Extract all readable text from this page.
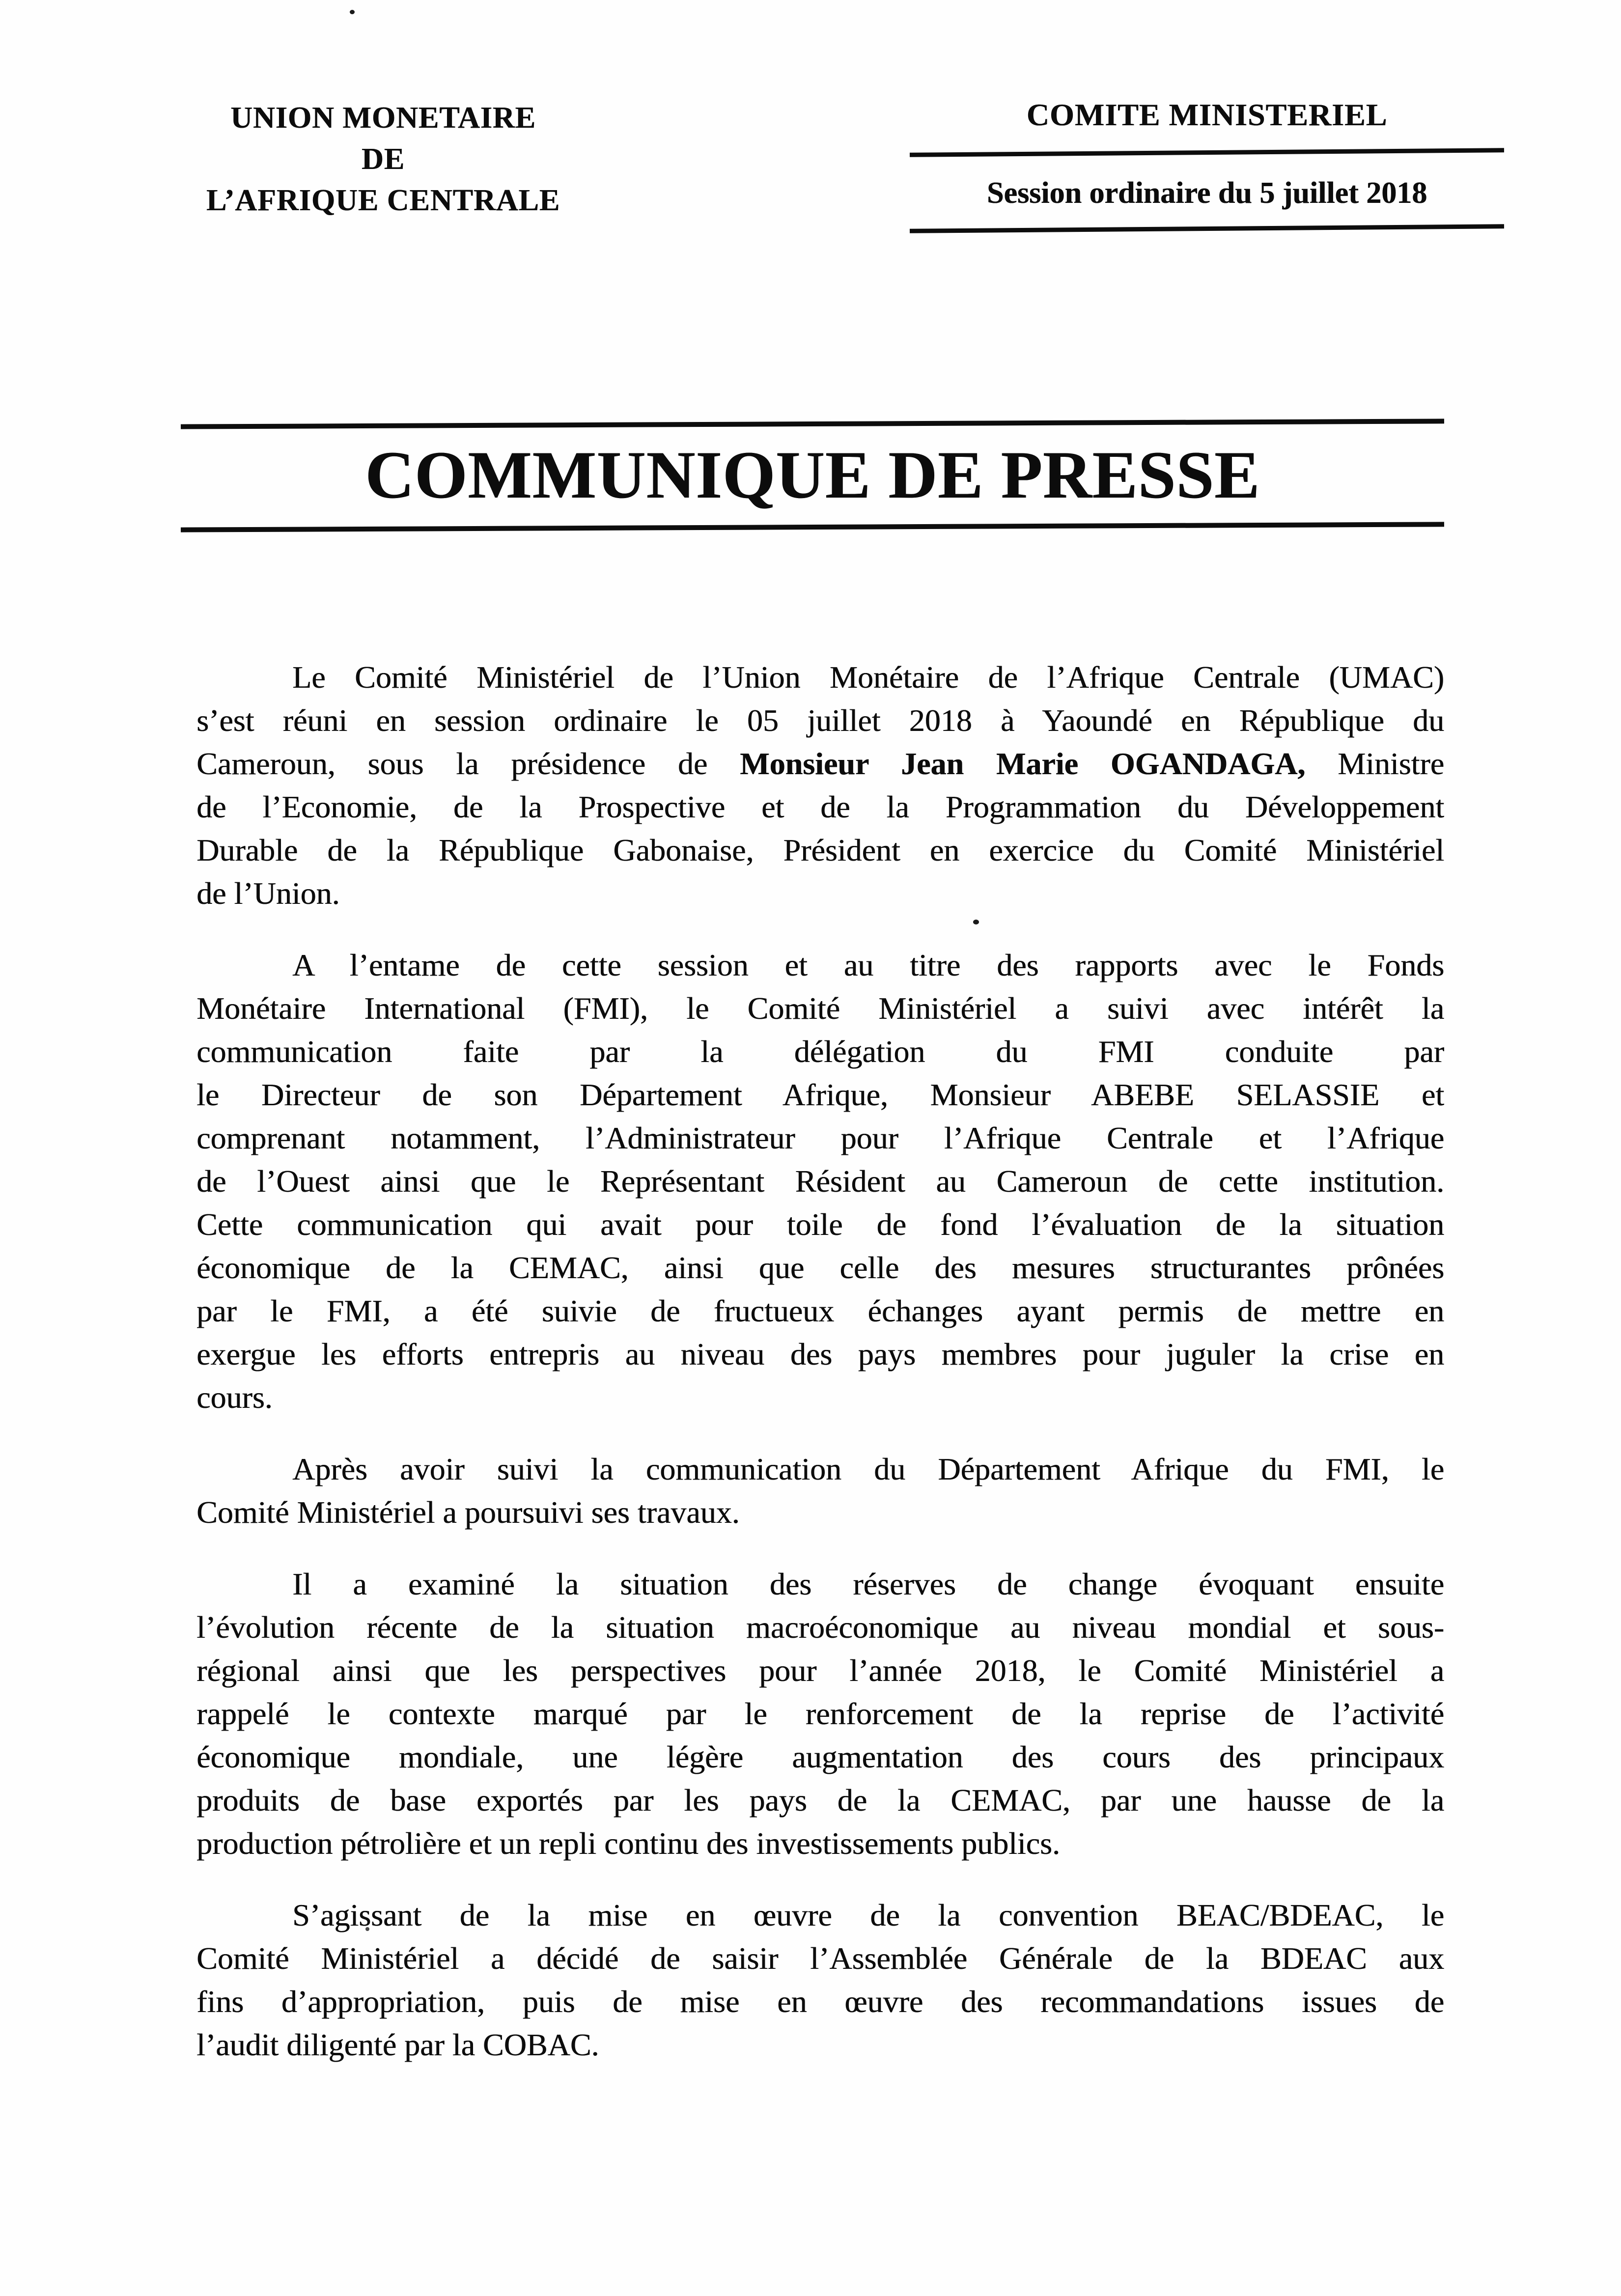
UNION MONETAIRE
DE
L’AFRIQUE CENTRALE
COMITE MINISTERIEL
Session ordinaire du 5 juillet 2018
COMMUNIQUE DE PRESSE
Le Comité Ministériel de l’Union Monétaire de l’Afrique Centrale (UMAC)
s’est réuni en session ordinaire le 05 juillet 2018 à Yaoundé en République du
Cameroun, sous la présidence de Monsieur Jean Marie OGANDAGA, Ministre
de l’Economie, de la Prospective et de la Programmation du Développement
Durable de la République Gabonaise, Président en exercice du Comité Ministériel
de l’Union.
A l’entame de cette session et au titre des rapports avec le Fonds
Monétaire International (FMI), le Comité Ministériel a suivi avec intérêt la
communication faite par la délégation du FMI conduite par
le Directeur de son Département Afrique, Monsieur ABEBE SELASSIE et
comprenant notamment, l’Administrateur pour l’Afrique Centrale et l’Afrique
de l’Ouest ainsi que le Représentant Résident au Cameroun de cette institution.
Cette communication qui avait pour toile de fond l’évaluation de la situation
économique de la CEMAC, ainsi que celle des mesures structurantes prônées
par le FMI, a été suivie de fructueux échanges ayant permis de mettre en
exergue les efforts entrepris au niveau des pays membres pour juguler la crise en
cours.
Après avoir suivi la communication du Département Afrique du FMI, le
Comité Ministériel a poursuivi ses travaux.
Il a examiné la situation des réserves de change évoquant ensuite
l’évolution récente de la situation macroéconomique au niveau mondial et sous-
régional ainsi que les perspectives pour l’année 2018, le Comité Ministériel a
rappelé le contexte marqué par le renforcement de la reprise de l’activité
économique mondiale, une légère augmentation des cours des principaux
produits de base exportés par les pays de la CEMAC, par une hausse de la
production pétrolière et un repli continu des investissements publics.
S’agissant de la mise en œuvre de la convention BEAC/BDEAC, le
Comité Ministériel a décidé de saisir l’Assemblée Générale de la BDEAC aux
fins d’appropriation, puis de mise en œuvre des recommandations issues de
l’audit diligenté par la COBAC.
